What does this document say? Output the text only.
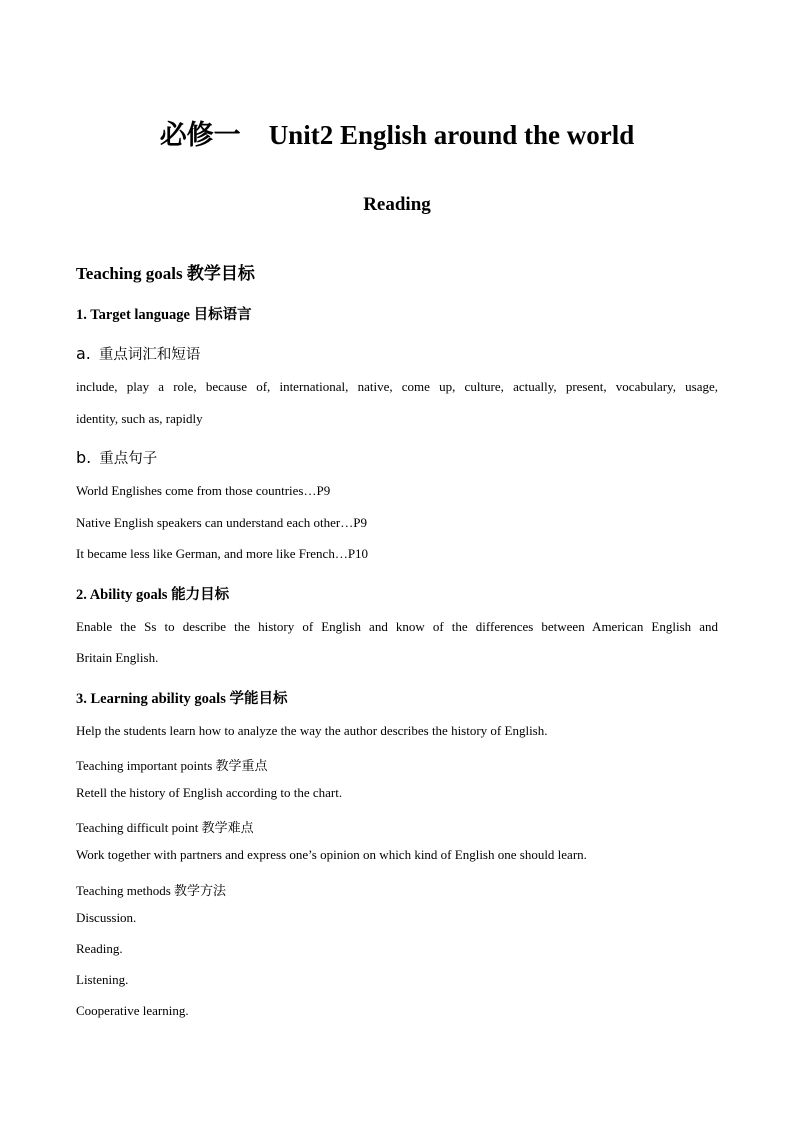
必修一 Unit2 English around the world
Reading
Teaching goals 教学目标
1. Target language 目标语言
a. 重点词汇和短语
include, play a role, because of, international, native, come up, culture, actually, present, vocabulary, usage,
identity, such as, rapidly
b. 重点句子
World Englishes come from those countries…P9
Native English speakers can understand each other…P9
It became less like German, and more like French…P10
2. Ability goals 能力目标
Enable the Ss to describe the history of English and know of the differences between American English and
Britain English.
3. Learning ability goals 学能目标
Help the students learn how to analyze the way the author describes the history of English.
Teaching important points 教学重点
Retell the history of English according to the chart.
Teaching difficult point 教学难点
Work together with partners and express one’s opinion on which kind of English one should learn.
Teaching methods 教学方法
Discussion.
Reading.
Listening.
Cooperative learning.
